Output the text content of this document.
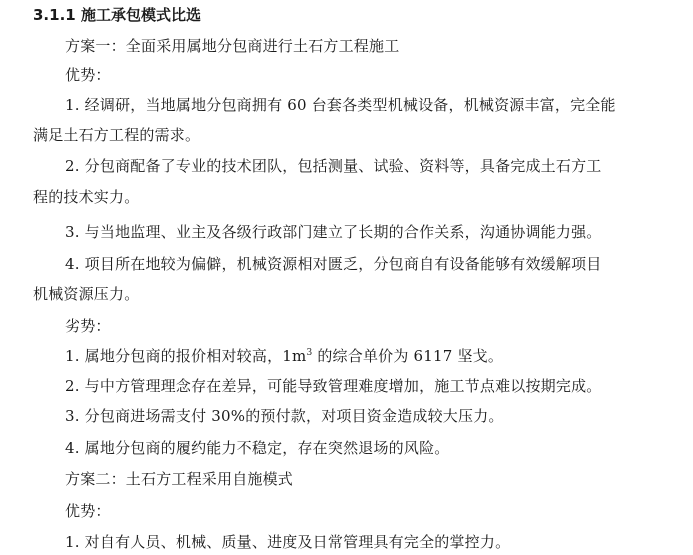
3.1.1 施工承包模式比选
方案一：全面采用属地分包商进行土石方工程施工
优势：
1. 经调研，当地属地分包商拥有 60 台套各类型机械设备，机械资源丰富，完全能
满足土石方工程的需求。
2. 分包商配备了专业的技术团队，包括测量、试验、资料等，具备完成土石方工
程的技术实力。
3. 与当地监理、业主及各级行政部门建立了长期的合作关系，沟通协调能力强。
4. 项目所在地较为偏僻，机械资源相对匮乏，分包商自有设备能够有效缓解项目
机械资源压力。
劣势：
1. 属地分包商的报价相对较高，$1m^3$ 的综合单价为 6117 坚戈。
2. 与中方管理理念存在差异，可能导致管理难度增加，施工节点难以按期完成。
3. 分包商进场需支付 30%的预付款，对项目资金造成较大压力。
4. 属地分包商的履约能力不稳定，存在突然退场的风险。
方案二：土石方工程采用自施模式
优势：
1. 对自有人员、机械、质量、进度及日常管理具有完全的掌控力。
